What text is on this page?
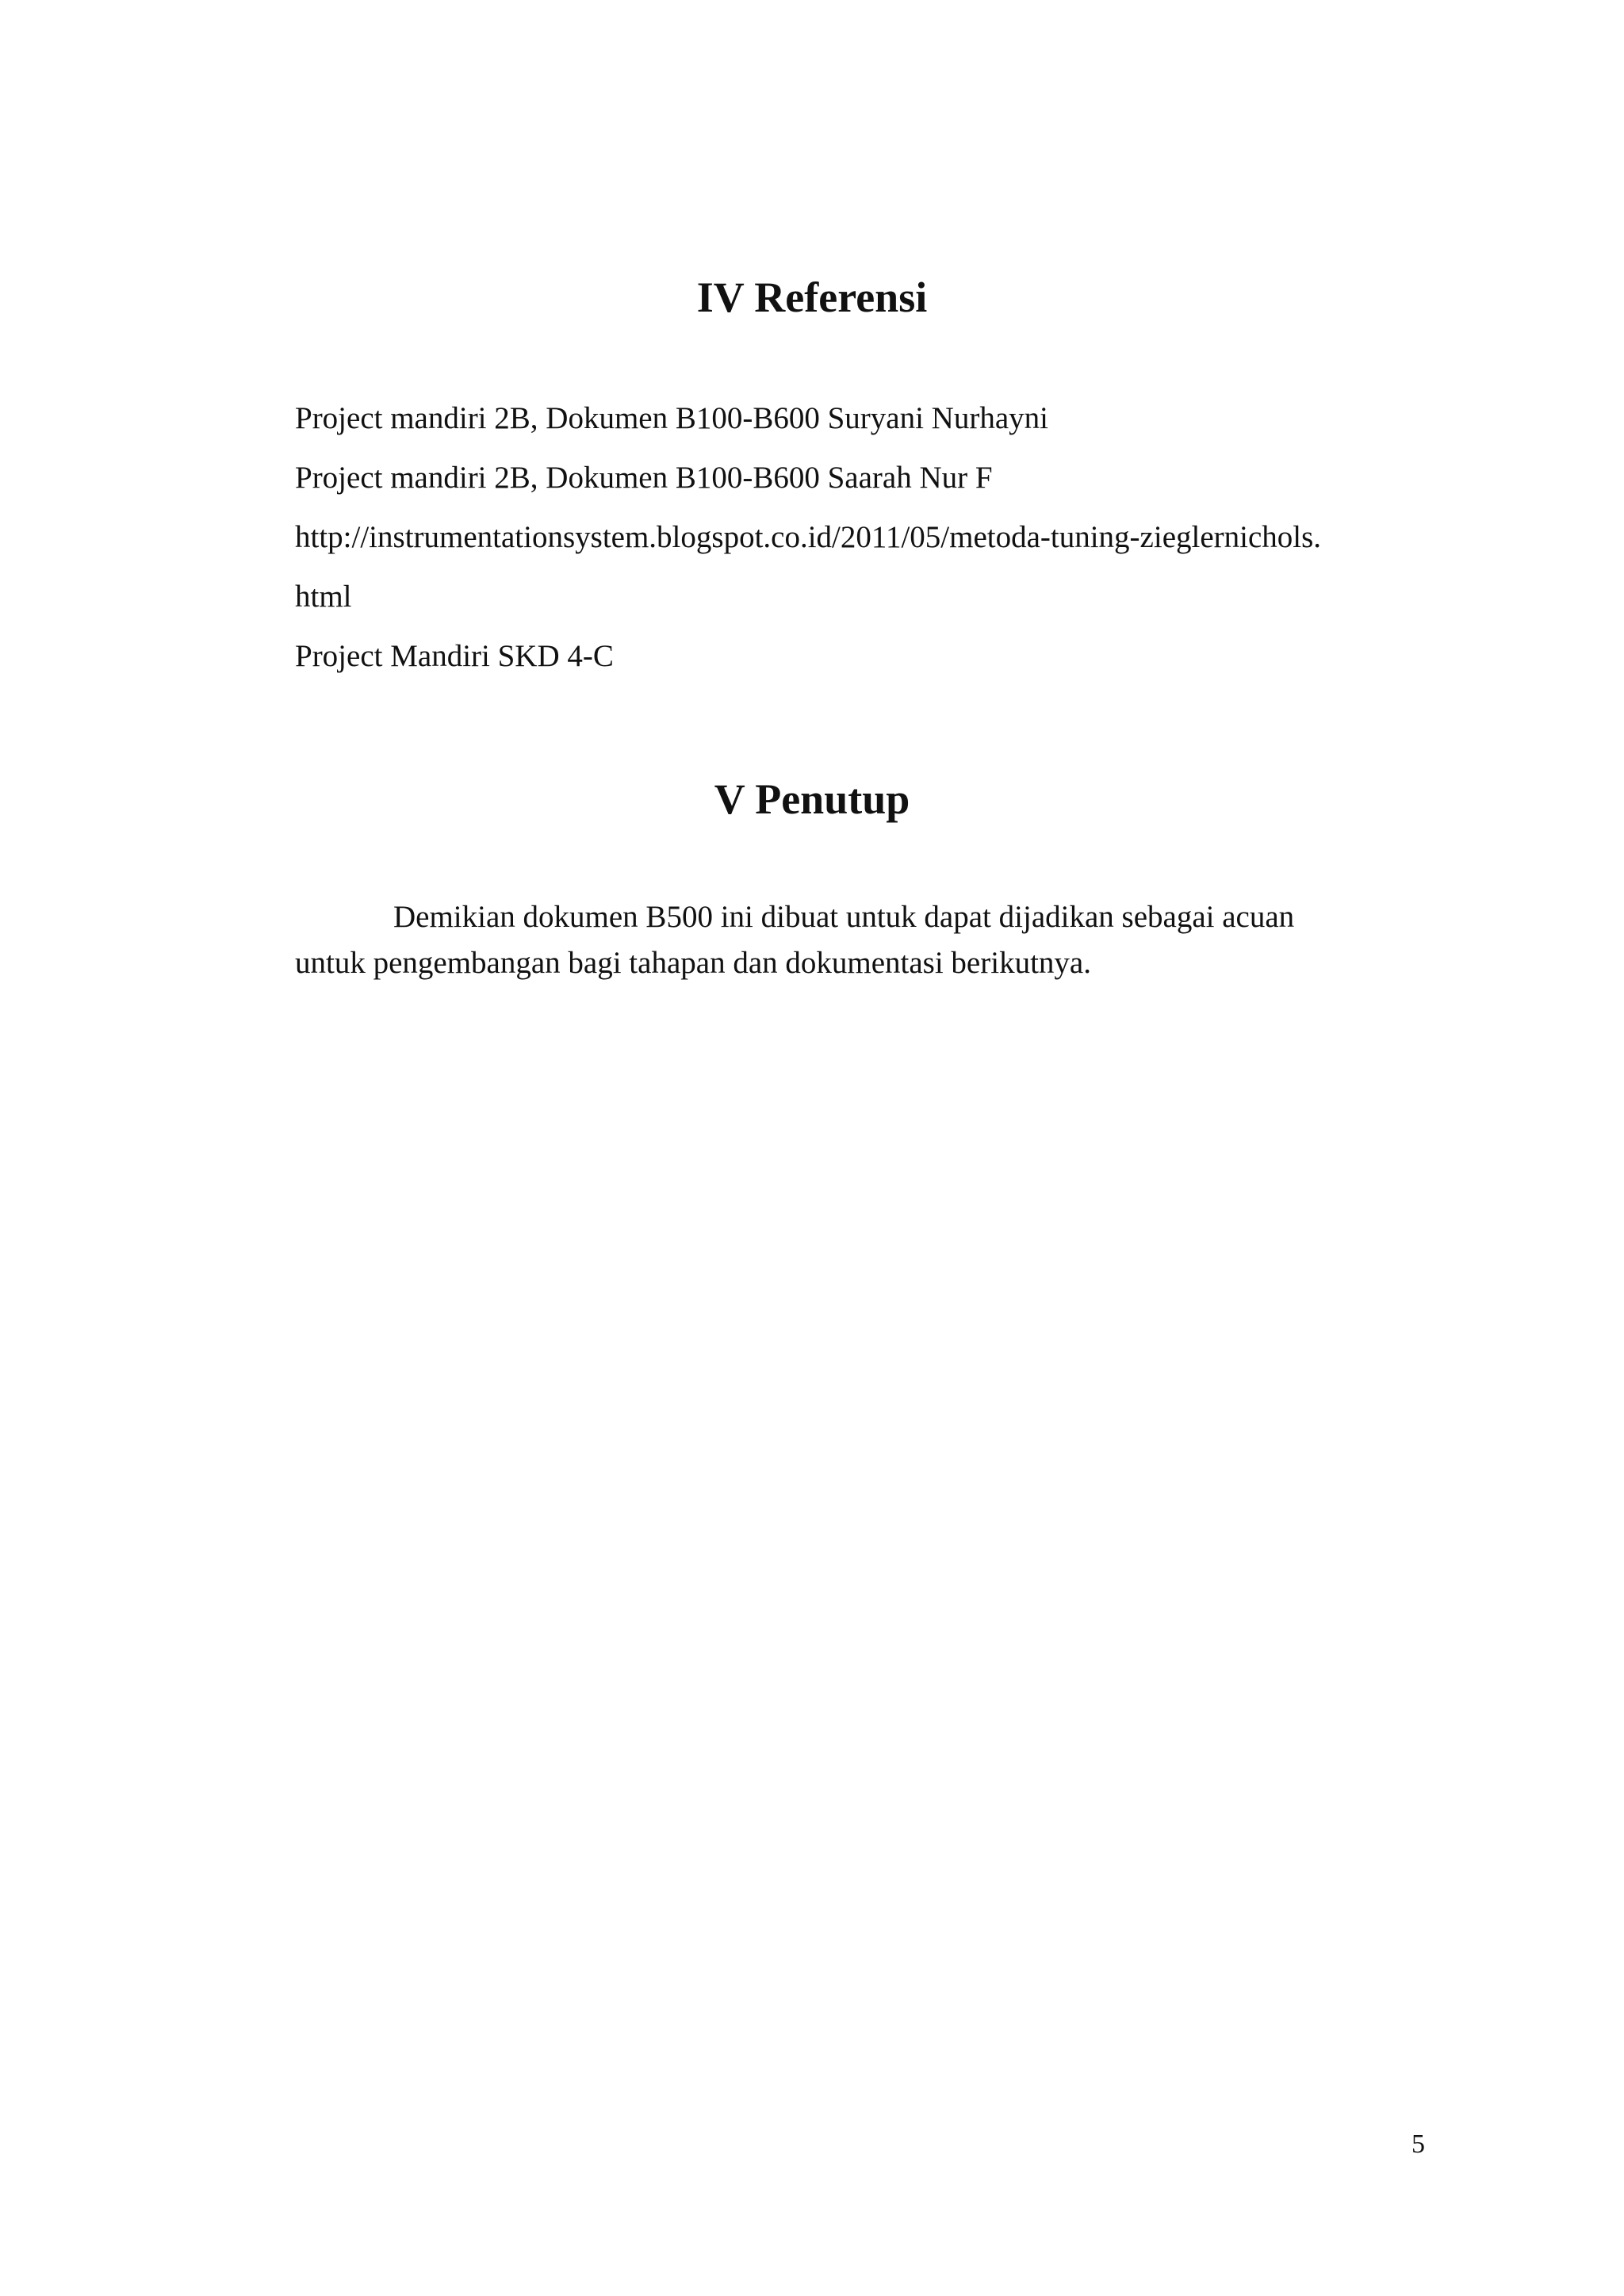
IV Referensi
Project mandiri 2B, Dokumen B100-B600 Suryani Nurhayni
Project mandiri 2B, Dokumen B100-B600 Saarah Nur F
http://instrumentationsystem.blogspot.co.id/2011/05/metoda-tuning-zieglernichols.
html
Project Mandiri SKD 4-C
V Penutup

Demikian dokumen B500 ini dibuat untuk dapat dijadikan sebagai acuan untuk pengembangan bagi tahapan dan dokumentasi berikutnya.

5
